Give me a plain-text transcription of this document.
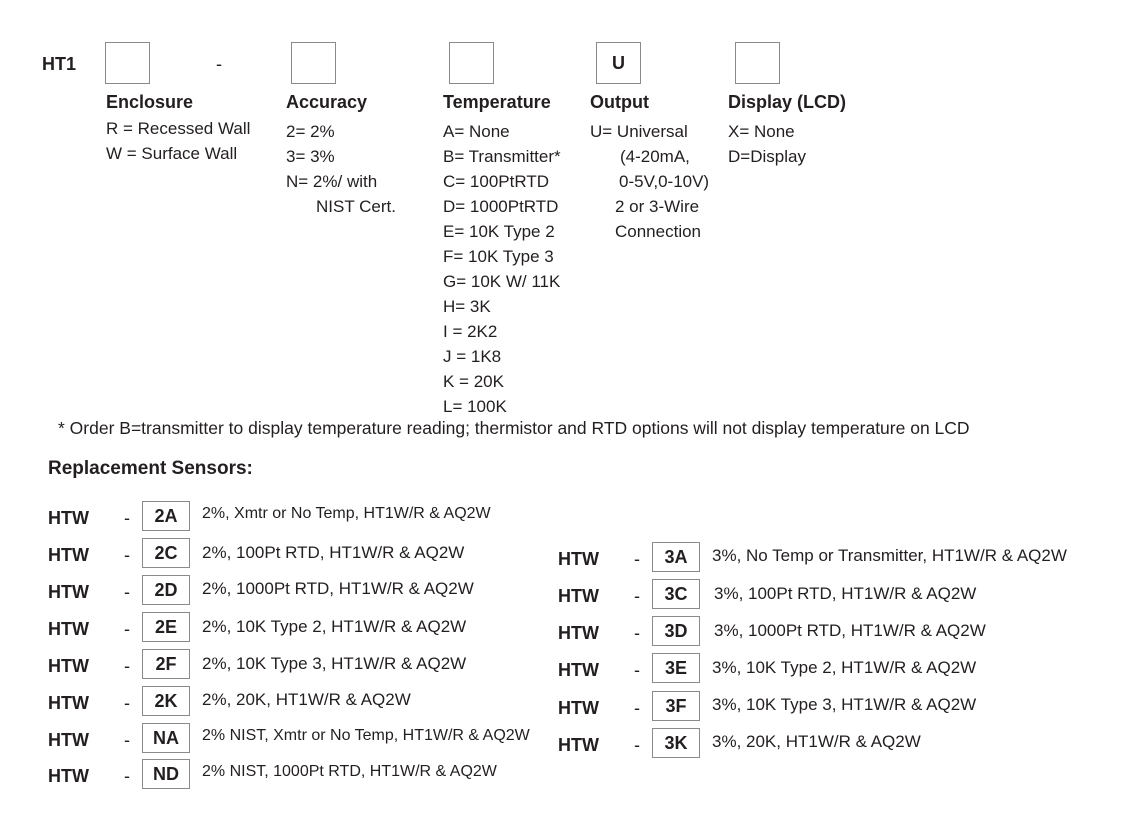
HT1	-	U
Enclosure
R = Recessed Wall
W = Surface Wall
Accuracy
2= 2%
3= 3%
N= 2%/ with
NIST Cert.
Temperature
A= None
B= Transmitter*
C= 100PtRTD
D= 1000PtRTD
E= 10K Type 2
F= 10K Type 3
G= 10K W/ 11K
H= 3K
I = 2K2
J = 1K8
K = 20K
L= 100K
Output
U= Universal
(4-20mA,
0-5V,0-10V)
2 or 3-Wire
Connection
Display (LCD)
X= None
D=Display
* Order B=transmitter to display temperature reading; thermistor and RTD options will not display temperature on LCD
Replacement Sensors:
HTW - 2A 2%, Xmtr or No Temp, HT1W/R & AQ2W
HTW - 2C 2%, 100Pt RTD, HT1W/R & AQ2W
HTW - 2D 2%, 1000Pt RTD, HT1W/R & AQ2W
HTW - 2E 2%, 10K Type 2, HT1W/R & AQ2W
HTW - 2F 2%, 10K Type 3, HT1W/R & AQ2W
HTW - 2K 2%, 20K, HT1W/R & AQ2W
HTW - NA 2% NIST, Xmtr or No Temp, HT1W/R & AQ2W
HTW - ND 2% NIST, 1000Pt RTD, HT1W/R & AQ2W
HTW - 3A 3%, No Temp or Transmitter, HT1W/R & AQ2W
HTW - 3C 3%, 100Pt RTD, HT1W/R & AQ2W
HTW - 3D 3%, 1000Pt RTD, HT1W/R & AQ2W
HTW - 3E 3%, 10K Type 2, HT1W/R & AQ2W
HTW - 3F 3%, 10K Type 3, HT1W/R & AQ2W
HTW - 3K 3%, 20K, HT1W/R & AQ2W
